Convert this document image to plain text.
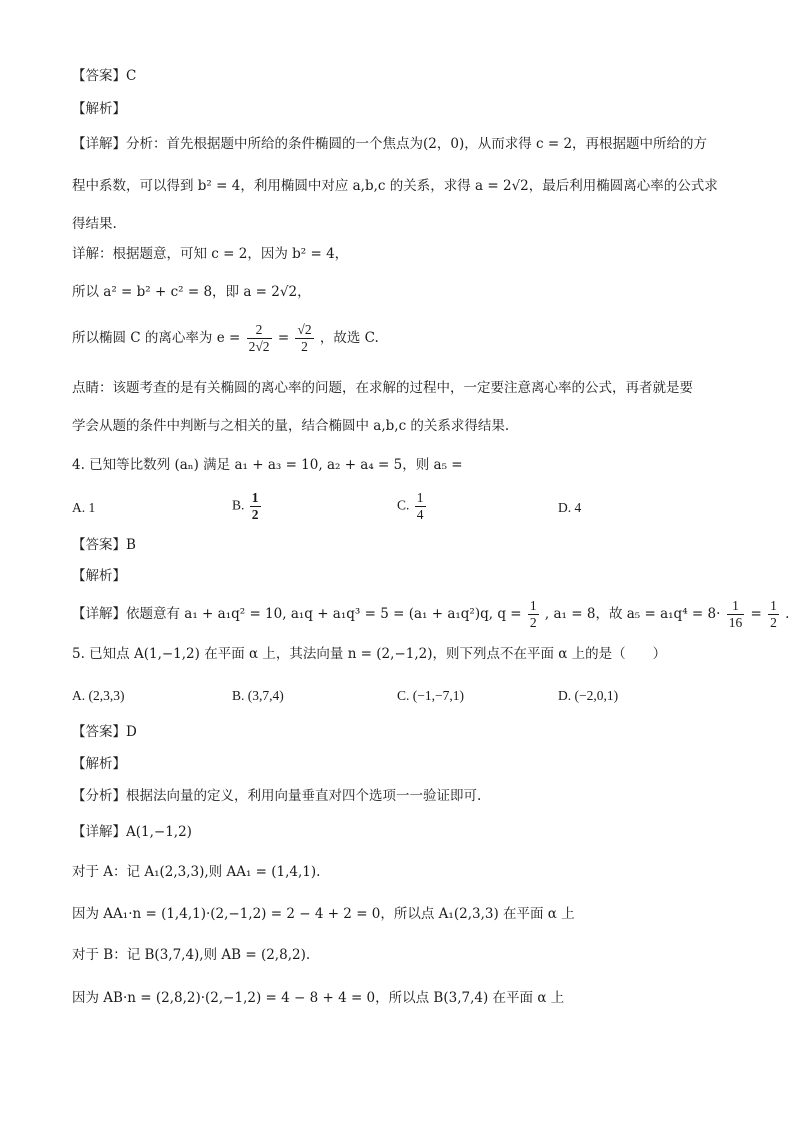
【答案】C
【解析】
【详解】分析：首先根据题中所给的条件椭圆的一个焦点为(2，0)，从而求得 c = 2，再根据题中所给的方
程中系数，可以得到 b² = 4，利用椭圆中对应 a,b,c 的关系，求得 a = 2√2，最后利用椭圆离心率的公式求
得结果.
详解：根据题意，可知 c = 2，因为 b² = 4，
所以 a² = b² + c² = 8，即 a = 2√2，
所以椭圆 C 的离心率为 $e = \frac{2}{2√2} = \frac{√2}{2}$ ，故选 C.
点睛：该题考查的是有关椭圆的离心率的问题，在求解的过程中，一定要注意离心率的公式，再者就是要
学会从题的条件中判断与之相关的量，结合椭圆中 a,b,c 的关系求得结果.
4. 已知等比数列 (aₙ) 满足 a₁ + a₃ = 10, a₂ + a₄ = 5，则 a₅ =
A. 1	B. $\frac{1}{2}$	C. $\frac{1}{4}$	D. 4
【答案】B
【解析】
【详解】依题意有 a₁ + a₁q² = 10, a₁q + a₁q³ = 5 = (a₁ + a₁q²)q, $q = \frac{1}{2}$ , a₁ = 8，故 $a_5 = a_1q^4 = 8\cdot \frac{1}{16} = \frac{1}{2}$ .
5. 已知点 A(1,−1,2) 在平面 α 上，其法向量 n = (2,−1,2)，则下列点不在平面 α 上的是（　　）
A. (2,3,3)	B. (3,7,4)	C. (−1,−7,1)	D. (−2,0,1)
【答案】D
【解析】
【分析】根据法向量的定义，利用向量垂直对四个选项一一验证即可.
【详解】A(1,−1,2)
对于 A：记 A₁(2,3,3),则 AA₁ = (1,4,1).
因为 AA₁·n = (1,4,1)·(2,−1,2) = 2 − 4 + 2 = 0，所以点 A₁(2,3,3) 在平面 α 上
对于 B：记 B(3,7,4),则 AB = (2,8,2).
因为 AB·n = (2,8,2)·(2,−1,2) = 4 − 8 + 4 = 0，所以点 B(3,7,4) 在平面 α 上
